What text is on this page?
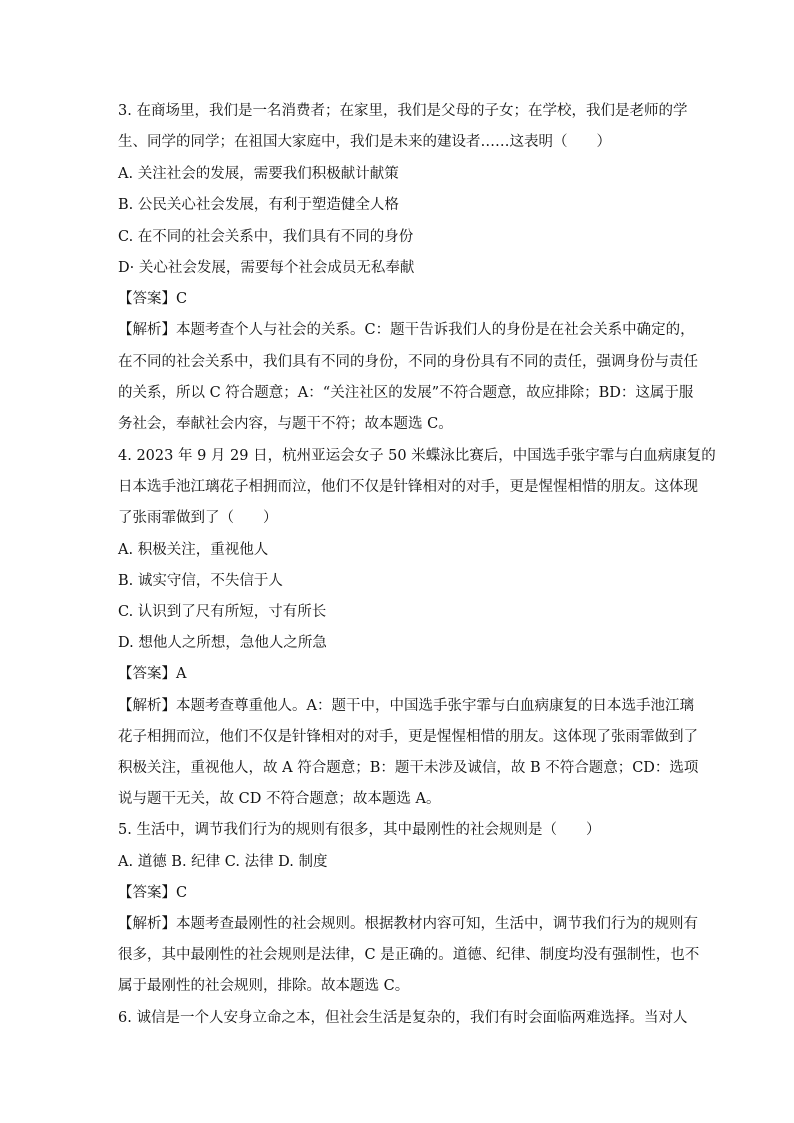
3. 在商场里，我们是一名消费者；在家里，我们是父母的子女；在学校，我们是老师的学
生、同学的同学；在祖国大家庭中，我们是未来的建设者……这表明（　　）
A. 关注社会的发展，需要我们积极献计献策
B. 公民关心社会发展，有利于塑造健全人格
C. 在不同的社会关系中，我们具有不同的身份
D· 关心社会发展，需要每个社会成员无私奉献
【答案】C
【解析】本题考查个人与社会的关系。C：题干告诉我们人的身份是在社会关系中确定的，
在不同的社会关系中，我们具有不同的身份，不同的身份具有不同的责任，强调身份与责任
的关系，所以 C 符合题意；A：“关注社区的发展”不符合题意，故应排除；BD：这属于服
务社会，奉献社会内容，与题干不符；故本题选 C。
4. 2023 年 9 月 29 日，杭州亚运会女子 50 米蝶泳比赛后，中国选手张宇霏与白血病康复的
日本选手池江璃花子相拥而泣，他们不仅是针锋相对的对手，更是惺惺相惜的朋友。这体现
了张雨霏做到了（　　）
A. 积极关注，重视他人
B. 诚实守信，不失信于人
C. 认识到了尺有所短，寸有所长
D. 想他人之所想，急他人之所急
【答案】A
【解析】本题考查尊重他人。A：题干中，中国选手张宇霏与白血病康复的日本选手池江璃
花子相拥而泣，他们不仅是针锋相对的对手，更是惺惺相惜的朋友。这体现了张雨霏做到了
积极关注，重视他人，故 A 符合题意；B：题干未涉及诚信，故 B 不符合题意；CD：选项
说与题干无关，故 CD 不符合题意；故本题选 A。
5. 生活中，调节我们行为的规则有很多，其中最刚性的社会规则是（　　）
A. 道德 B. 纪律 C. 法律 D. 制度
【答案】C
【解析】本题考查最刚性的社会规则。根据教材内容可知，生活中，调节我们行为的规则有
很多，其中最刚性的社会规则是法律，C 是正确的。道德、纪律、制度均没有强制性，也不
属于最刚性的社会规则，排除。故本题选 C。
6. 诚信是一个人安身立命之本，但社会生活是复杂的，我们有时会面临两难选择。当对人
